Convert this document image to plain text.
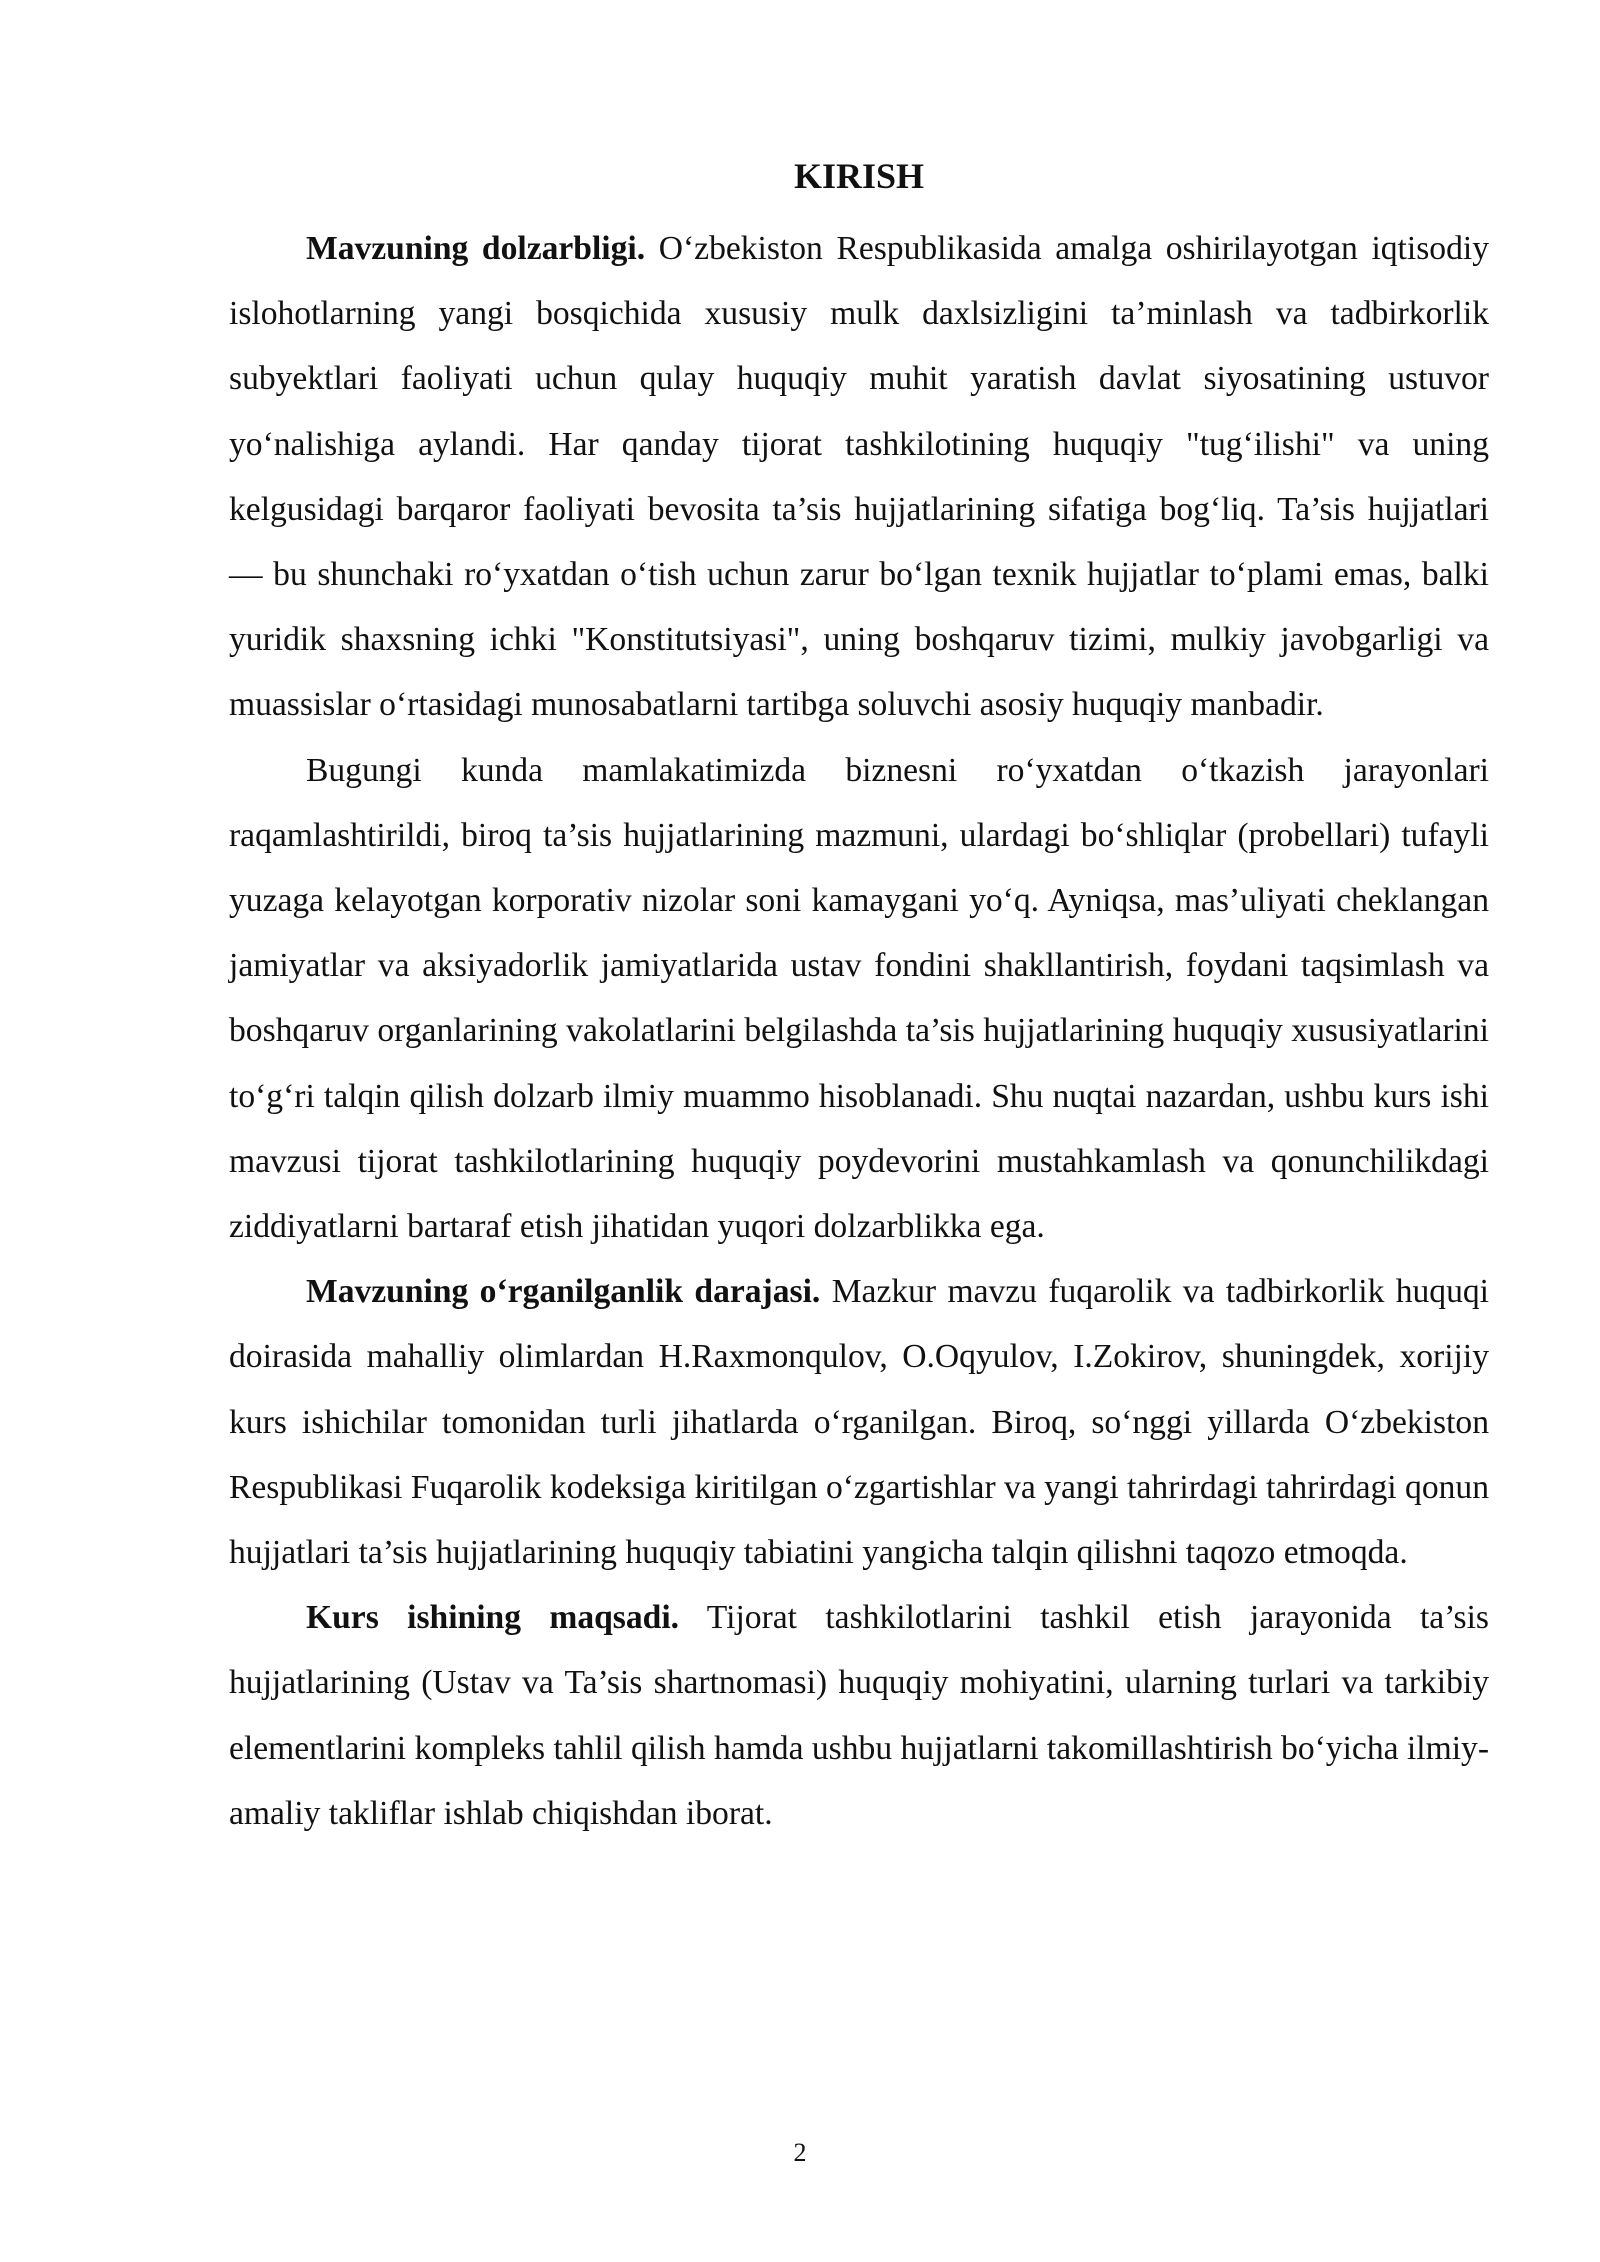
KIRISH

Mavzuning dolzarbligi. O‘zbekiston Respublikasida amalga oshirilayotgan iqtisodiy islohotlarning yangi bosqichida xususiy mulk daxlsizligini ta’minlash va tadbirkorlik subyektlari faoliyati uchun qulay huquqiy muhit yaratish davlat siyosatining ustuvor yo‘nalishiga aylandi. Har qanday tijorat tashkilotining huquqiy "tug‘ilishi" va uning kelgusidagi barqaror faoliyati bevosita ta’sis hujjatlarining sifatiga bog‘liq. Ta’sis hujjatlari — bu shunchaki ro‘yxatdan o‘tish uchun zarur bo‘lgan texnik hujjatlar to‘plami emas, balki yuridik shaxsning ichki "Konstitutsiyasi", uning boshqaruv tizimi, mulkiy javobgarligi va muassislar o‘rtasidagi munosabatlarni tartibga soluvchi asosiy huquqiy manbadir.

Bugungi kunda mamlakatimizda biznesni ro‘yxatdan o‘tkazish jarayonlari raqamlashtirildi, biroq ta’sis hujjatlarining mazmuni, ulardagi bo‘shliqlar (probellari) tufayli yuzaga kelayotgan korporativ nizolar soni kamaygani yo‘q. Ayniqsa, mas’uliyati cheklangan jamiyatlar va aksiyadorlik jamiyatlarida ustav fondini shakllantirish, foydani taqsimlash va boshqaruv organlarining vakolatlarini belgilashda ta’sis hujjatlarining huquqiy xususiyatlarini to‘g‘ri talqin qilish dolzarb ilmiy muammo hisoblanadi. Shu nuqtai nazardan, ushbu kurs ishi mavzusi tijorat tashkilotlarining huquqiy poydevorini mustahkamlash va qonunchilikdagi ziddiyatlarni bartaraf etish jihatidan yuqori dolzarblikka ega.

Mavzuning o‘rganilganlik darajasi. Mazkur mavzu fuqarolik va tadbirkorlik huquqi doirasida mahalliy olimlardan H.Raxmonqulov, O.Oqyulov, I.Zokirov, shuningdek, xorijiy kurs ishichilar tomonidan turli jihatlarda o‘rganilgan. Biroq, so‘nggi yillarda O‘zbekiston Respublikasi Fuqarolik kodeksiga kiritilgan o‘zgartishlar va yangi tahrirdagi tahrirdagi qonun hujjatlari ta’sis hujjatlarining huquqiy tabiatini yangicha talqin qilishni taqozo etmoqda.

Kurs ishining maqsadi. Tijorat tashkilotlarini tashkil etish jarayonida ta’sis hujjatlarining (Ustav va Ta’sis shartnomasi) huquqiy mohiyatini, ularning turlari va tarkibiy elementlarini kompleks tahlil qilish hamda ushbu hujjatlarni takomillashtirish bo‘yicha ilmiy-amaliy takliflar ishlab chiqishdan iborat.

2
